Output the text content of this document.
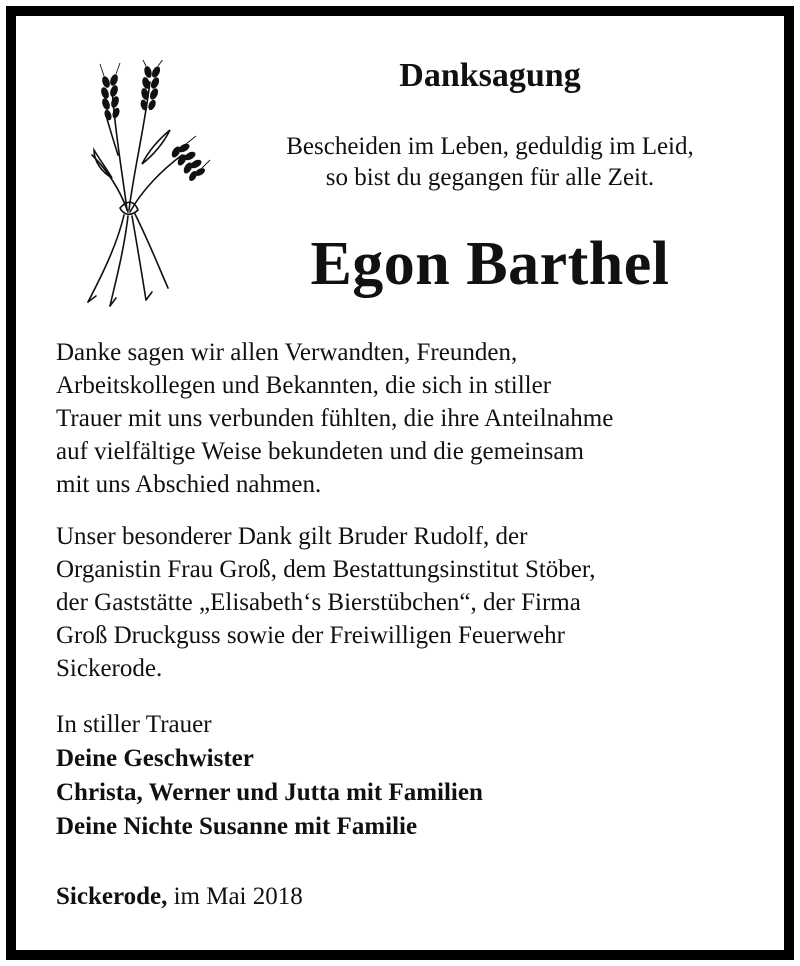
Danksagung
Bescheiden im Leben, geduldig im Leid,
so bist du gegangen für alle Zeit.
Egon Barthel
Danke sagen wir allen Verwandten, Freunden,
Arbeitskollegen und Bekannten, die sich in stiller
Trauer mit uns verbunden fühlten, die ihre Anteilnahme
auf vielfältige Weise bekundeten und die gemeinsam
mit uns Abschied nahmen.
Unser besonderer Dank gilt Bruder Rudolf, der
Organistin Frau Groß, dem Bestattungsinstitut Stöber,
der Gaststätte „Elisabeth‘s Bierstübchen“, der Firma
Groß Druckguss sowie der Freiwilligen Feuerwehr
Sickerode.
In stiller Trauer
Deine Geschwister
Christa, Werner und Jutta mit Familien
Deine Nichte Susanne mit Familie
Sickerode, im Mai 2018
